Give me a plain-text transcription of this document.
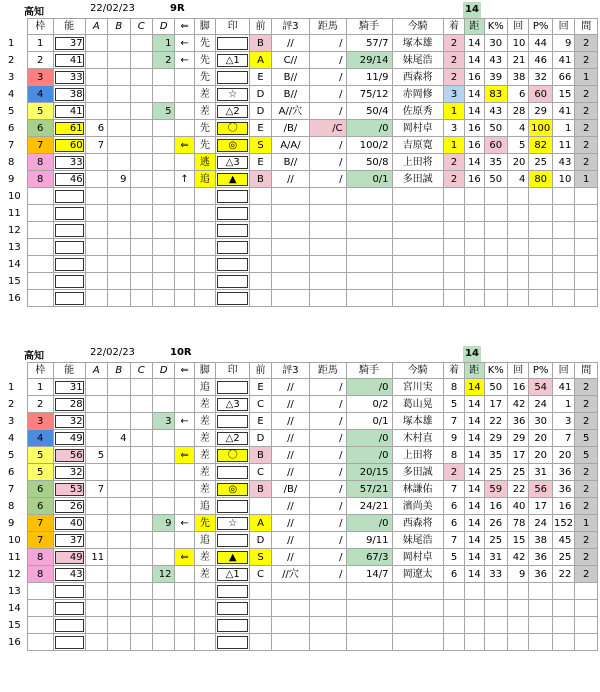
高知	22/02/23	9R	14
	枠	能	A	B	C	D	⇐	脚	印	前	評3	距馬	騎手	今騎	着	距	K%	回	P%	回	間
1	1	37				1	←	先		B	//	/	57/7	塚本雄	2	14	30	10	44	9	2
2	2	41				2	←	先	△1	A	C//	/	29/14	妹尾浩	2	14	43	21	46	41	2
3	3	33						先		E	B//	/	11/9	西森将	2	16	39	38	32	66	1
4	4	38						差	☆	D	B//	/	75/12	赤岡修	3	14	83	6	60	15	2
5	5	41				5		差	△2	D	A//穴	/	50/4	佐原秀	1	14	43	28	29	41	2
6	6	61	6					先	〇	E	/B/	/C	/0	岡村卓	3	16	50	4	100	1	2
7	7	60	7				⇐	先	◎	S	A/A/	/	100/2	吉原寛	1	16	60	5	82	11	2
8	8	33						逃	△3	E	B//	/	50/8	上田将	2	14	35	20	25	43	2
9	8	46		9			↑	追	▲	B	//	/	0/1	多田誠	2	16	50	4	80	10	1
10		

11		

12		

13		

14		

15		

16		

高知	22/02/23	10R	14
	枠	能	A	B	C	D	⇐	脚	印	前	評3	距馬	騎手	今騎	着	距	K%	回	P%	回	間
1	1	31						追		E	//	/	/0	宮川実	8	14	50	16	54	41	2
2	2	28						差	△3	C	//	/	0/2	葛山晃	5	14	17	42	24	1	2
3	3	32				3	←	差		E	//	/	0/1	塚本雄	7	14	22	36	30	3	2
4	4	49		4				差	△2	D	//	/	/0	木村直	9	14	29	29	20	7	5
5	5	56	5				⇐	差	〇	B	//	/	/0	上田将	8	14	35	17	20	20	5
6	5	32						差		C	//	/	20/15	多田誠	2	14	25	25	31	36	2
7	6	53	7					差	◎	B	/B/	/	57/21	林謙佑	7	14	59	22	56	36	2
8	6	26						追			//	/	24/21	濱尚美	6	14	16	40	17	16	2
9	7	40				9	←	先	☆	A	//	/	/0	西森将	6	14	26	78	24	152	1
10	7	37						追		D	//	/	9/11	妹尾浩	7	14	25	15	38	45	2
11	8	49	11				⇐	差	▲	S	//	/	67/3	岡村卓	5	14	31	42	36	25	2
12	8	43				12		差	△1	C	//穴	/	14/7	岡遼太	6	14	33	9	36	22	2
13		

14		

15		

16		
